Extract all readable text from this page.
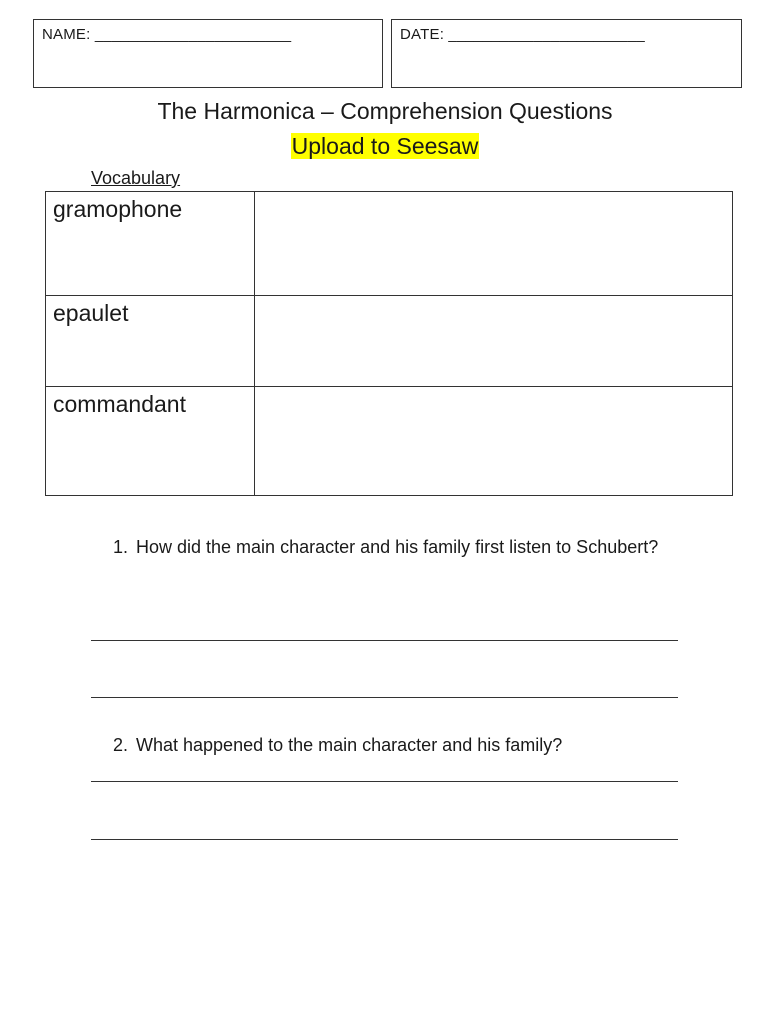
NAME: _______________________	DATE: _______________________
The Harmonica – Comprehension Questions
Upload to Seesaw
Vocabulary
gramophone	
epaulet	
commandant	
1. How did the main character and his family first listen to Schubert?
2. What happened to the main character and his family?
